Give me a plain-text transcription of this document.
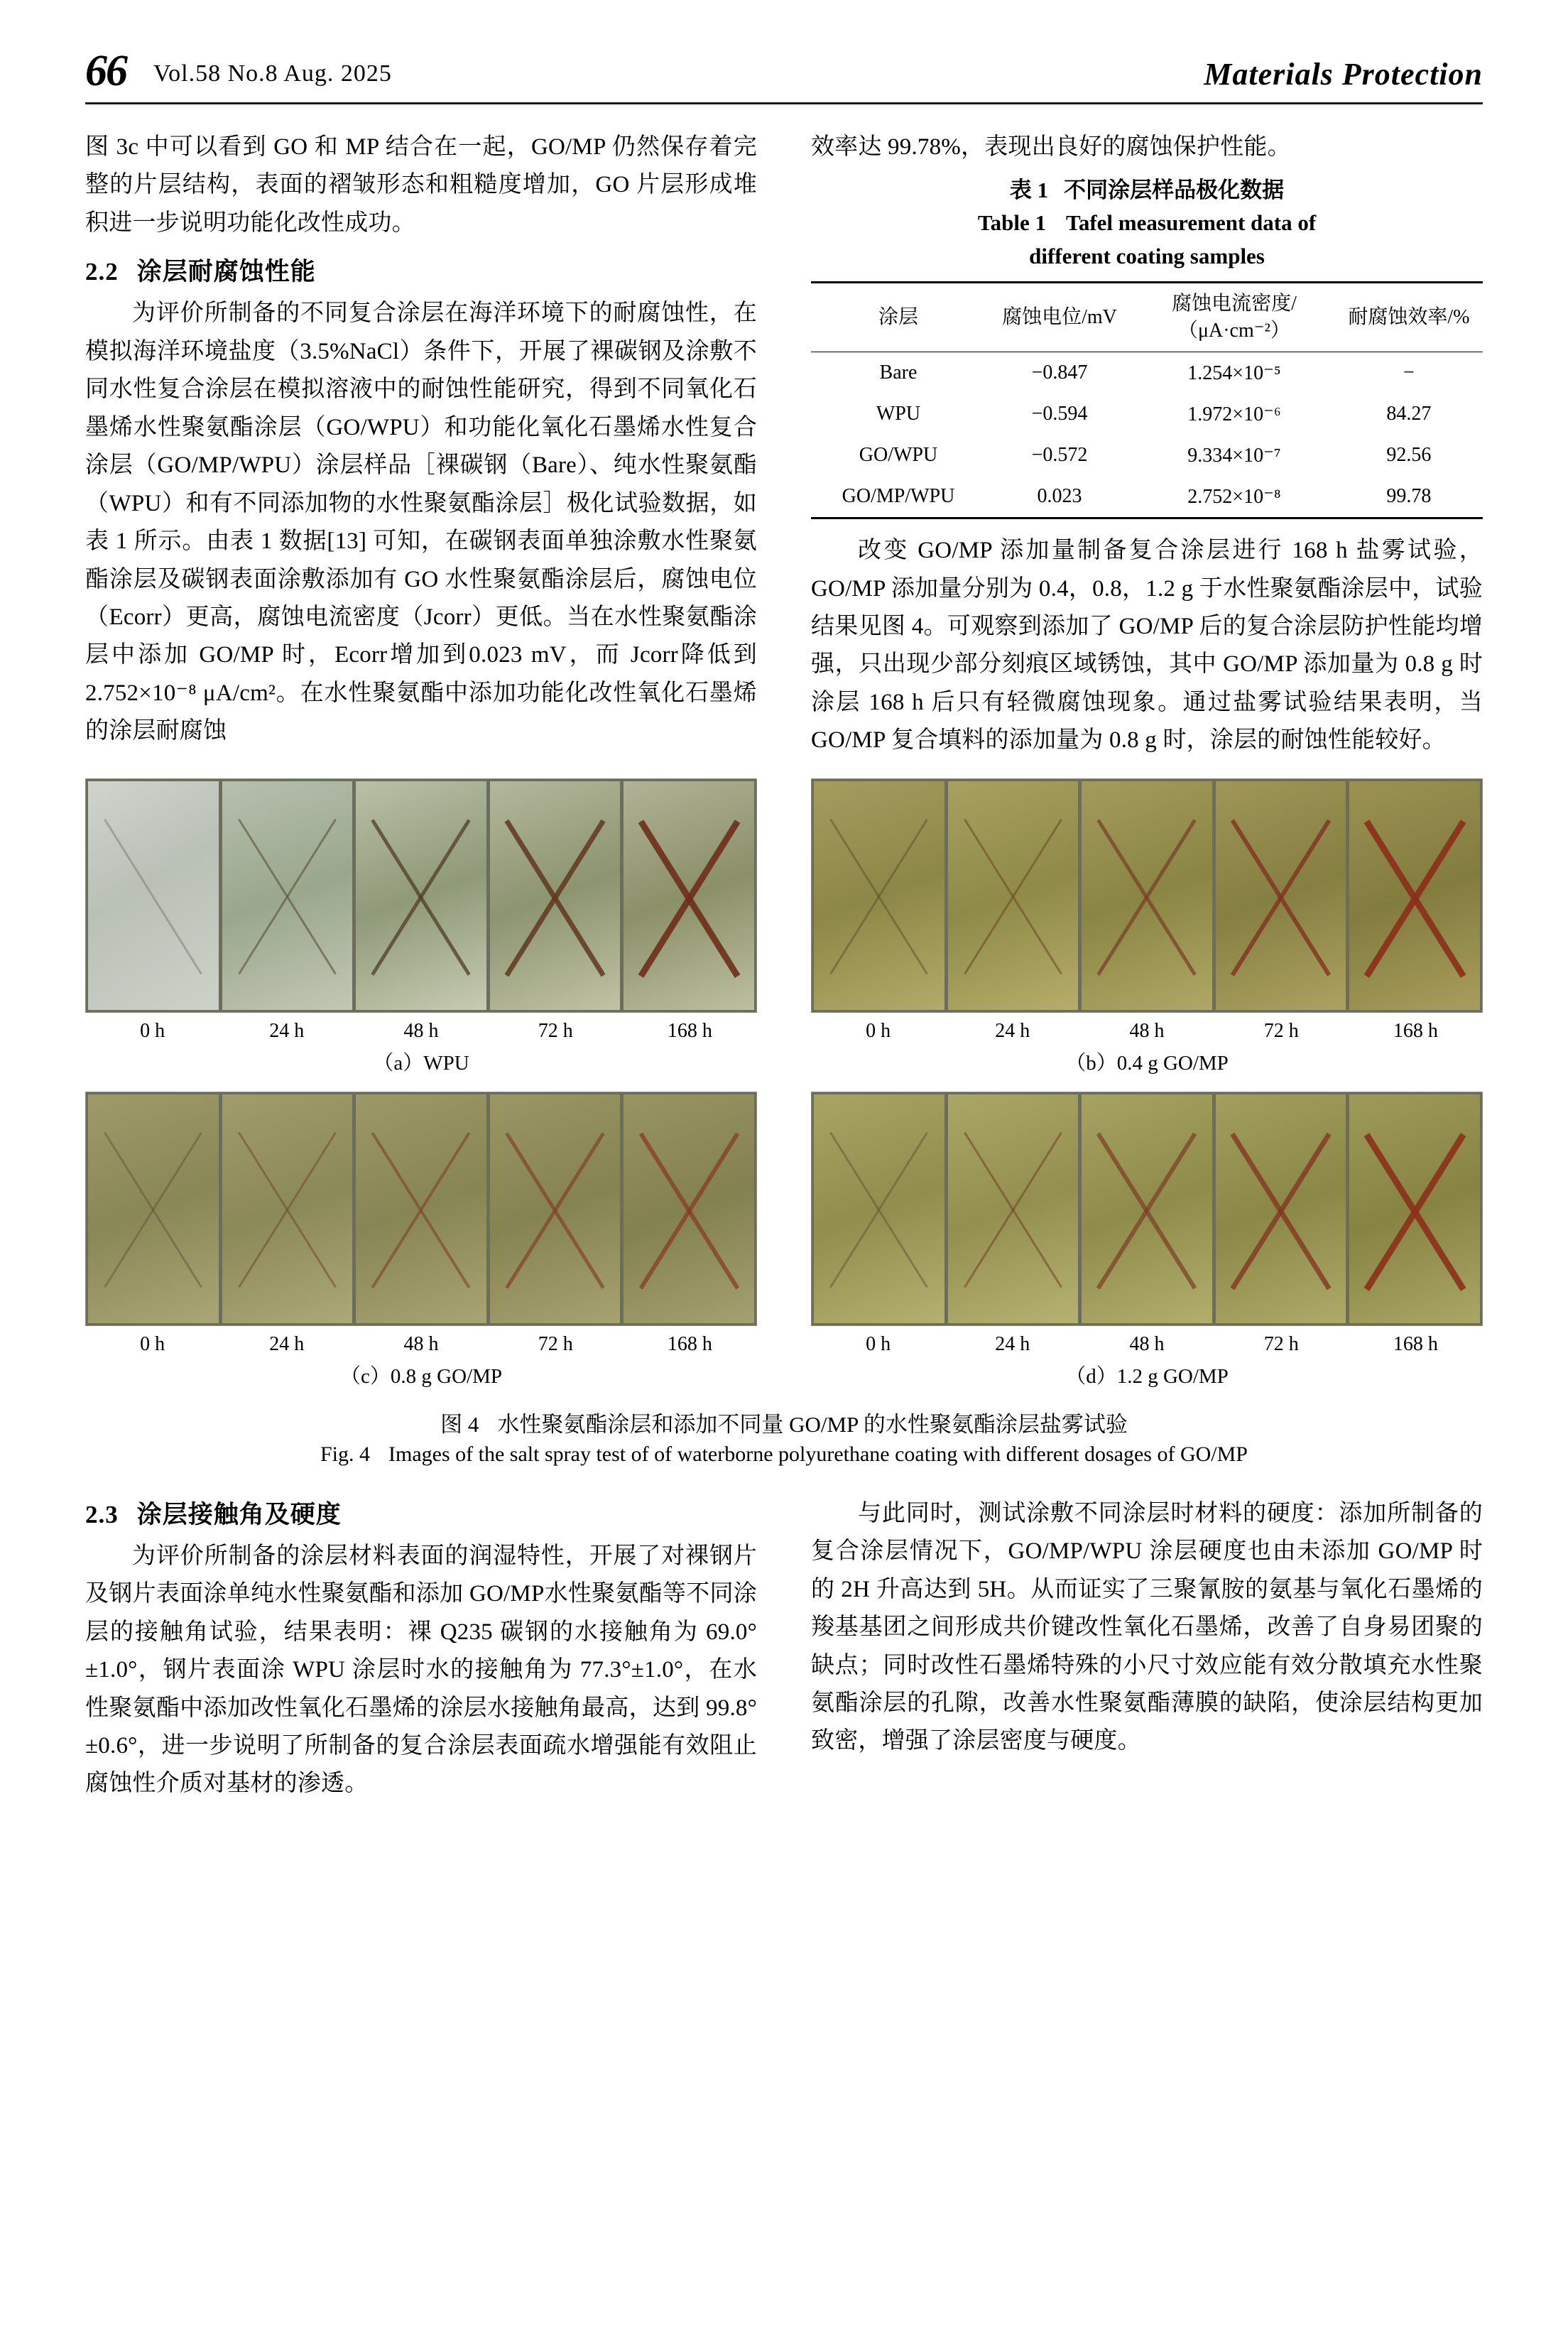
66 Vol.58 No.8 Aug. 2025	Materials Protection

图 3c 中可以看到 GO 和 MP 结合在一起，GO/MP 仍然保存着完整的片层结构，表面的褶皱形态和粗糙度增加，GO 片层形成堆积进一步说明功能化改性成功。

2.2 涂层耐腐蚀性能

为评价所制备的不同复合涂层在海洋环境下的耐腐蚀性，在模拟海洋环境盐度（3.5%NaCl）条件下，开展了裸碳钢及涂敷不同水性复合涂层在模拟溶液中的耐蚀性能研究，得到不同氧化石墨烯水性聚氨酯涂层（GO/WPU）和功能化氧化石墨烯水性复合涂层（GO/MP/WPU）涂层样品［裸碳钢（Bare）、纯水性聚氨酯（WPU）和有不同添加物的水性聚氨酯涂层］极化试验数据，如表 1 所示。由表 1 数据[13] 可知，在碳钢表面单独涂敷水性聚氨酯涂层及碳钢表面涂敷添加有 GO 水性聚氨酯涂层后，腐蚀电位（Ecorr）更高，腐蚀电流密度（Jcorr）更低。当在水性聚氨酯涂层中添加 GO/MP 时，Ecorr增加到0.023 mV，而 Jcorr降低到 2.752×10⁻⁸ μA/cm²。在水性聚氨酯中添加功能化改性氧化石墨烯的涂层耐腐蚀

效率达 99.78%，表现出良好的腐蚀保护性能。

表 1 不同涂层样品极化数据
Table 1 Tafel measurement data of
different coating samples
涂层	腐蚀电位/mV	腐蚀电流密度/（μA·cm⁻²）	耐腐蚀效率/%
Bare	−0.847	1.254×10⁻⁵	−
WPU	−0.594	1.972×10⁻⁶	84.27
GO/WPU	−0.572	9.334×10⁻⁷	92.56
GO/MP/WPU	0.023	2.752×10⁻⁸	99.78

改变 GO/MP 添加量制备复合涂层进行 168 h 盐雾试验，GO/MP 添加量分别为 0.4，0.8，1.2 g 于水性聚氨酯涂层中，试验结果见图 4。可观察到添加了 GO/MP 后的复合涂层防护性能均增强，只出现少部分刻痕区域锈蚀，其中 GO/MP 添加量为 0.8 g 时涂层 168 h 后只有轻微腐蚀现象。通过盐雾试验结果表明，当 GO/MP 复合填料的添加量为 0.8 g 时，涂层的耐蚀性能较好。

0 h	24 h	48 h	72 h	168 h
（a）WPU
0 h	24 h	48 h	72 h	168 h
（b）0.4 g GO/MP
0 h	24 h	48 h	72 h	168 h
（c）0.8 g GO/MP
0 h	24 h	48 h	72 h	168 h
（d）1.2 g GO/MP
图 4 水性聚氨酯涂层和添加不同量 GO/MP 的水性聚氨酯涂层盐雾试验
Fig. 4 Images of the salt spray test of of waterborne polyurethane coating with different dosages of GO/MP
2.3 涂层接触角及硬度

为评价所制备的涂层材料表面的润湿特性，开展了对裸钢片及钢片表面涂单纯水性聚氨酯和添加 GO/MP水性聚氨酯等不同涂层的接触角试验，结果表明：裸 Q235 碳钢的水接触角为 69.0°±1.0°，钢片表面涂 WPU 涂层时水的接触角为 77.3°±1.0°，在水性聚氨酯中添加改性氧化石墨烯的涂层水接触角最高，达到 99.8°±0.6°，进一步说明了所制备的复合涂层表面疏水增强能有效阻止腐蚀性介质对基材的渗透。

与此同时，测试涂敷不同涂层时材料的硬度：添加所制备的复合涂层情况下，GO/MP/WPU 涂层硬度也由未添加 GO/MP 时的 2H 升高达到 5H。从而证实了三聚氰胺的氨基与氧化石墨烯的羧基基团之间形成共价键改性氧化石墨烯，改善了自身易团聚的缺点；同时改性石墨烯特殊的小尺寸效应能有效分散填充水性聚氨酯涂层的孔隙，改善水性聚氨酯薄膜的缺陷，使涂层结构更加致密，增强了涂层密度与硬度。
